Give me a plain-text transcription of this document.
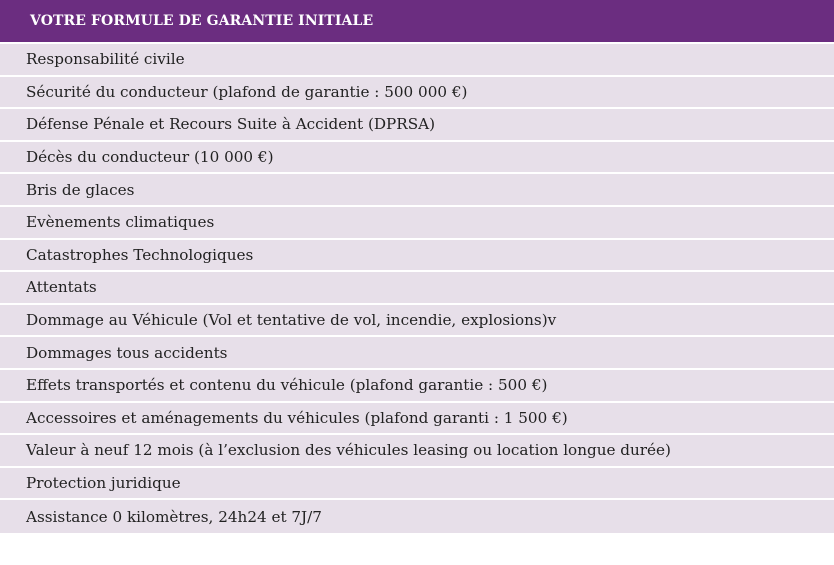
VOTRE FORMULE DE GARANTIE INITIALE
Responsabilité civile
Sécurité du conducteur (plafond de garantie : 500 000 €)
Défense Pénale et Recours Suite à Accident (DPRSA)
Décès du conducteur (10 000 €)
Bris de glaces
Evènements climatiques
Catastrophes Technologiques
Attentats
Dommage au Véhicule (Vol et tentative de vol, incendie, explosions)v
Dommages tous accidents
Effets transportés et contenu du véhicule (plafond garantie : 500 €)
Accessoires et aménagements du véhicules (plafond garanti : 1 500 €)
Valeur à neuf 12 mois (à l’exclusion des véhicules leasing ou location longue durée)
Protection juridique
Assistance 0 kilomètres, 24h24 et 7J/7
